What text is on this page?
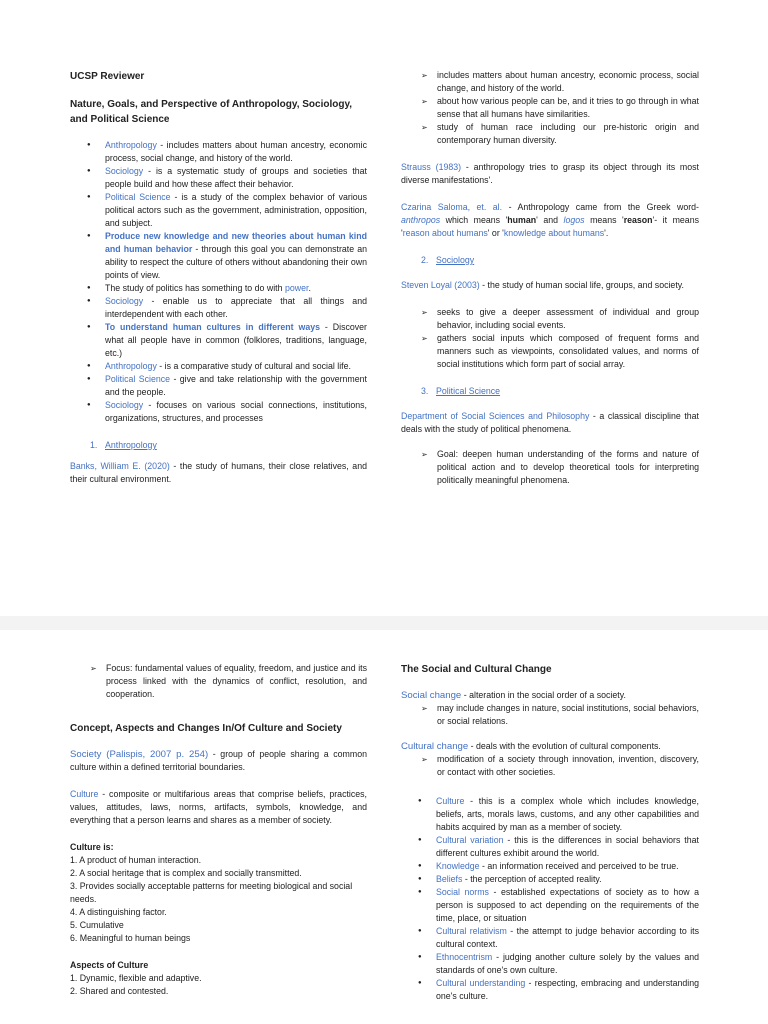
UCSP Reviewer
Nature, Goals, and Perspective of Anthropology, Sociology,
and Political Science
● Anthropology - includes matters about human ancestry, economic process, social change, and history of the world.
● Sociology - is a systematic study of groups and societies that people build and how these affect their behavior.
● Political Science - is a study of the complex behavior of various political actors such as the government, administration, opposition, and subject.
● Produce new knowledge and new theories about human kind and human behavior - through this goal you can demonstrate an ability to respect the culture of others without abandoning their own points of view.
● The study of politics has something to do with power.
● Sociology - enable us to appreciate that all things and interdependent with each other.
● To understand human cultures in different ways - Discover what all people have in common (folklores, traditions, language, etc.)
● Anthropology - is a comparative study of cultural and social life.
● Political Science - give and take relationship with the government and the people.
● Sociology - focuses on various social connections, institutions, organizations, structures, and processes
1. Anthropology
Banks, William E. (2020) - the study of humans, their close relatives, and their cultural environment.
➢ includes matters about human ancestry, economic process, social change, and history of the world.
➢ about how various people can be, and it tries to go through in what sense that all humans have similarities.
➢ study of human race including our pre-historic origin and contemporary human diversity.
Strauss (1983) - anthropology tries to grasp its object through its most diverse manifestations'.
Czarina Saloma, et. al. - Anthropology came from the Greek word- anthropos which means 'human' and logos means 'reason'- it means 'reason about humans' or 'knowledge about humans'.
2. Sociology
Steven Loyal (2003) - the study of human social life, groups, and society.
➢ seeks to give a deeper assessment of individual and group behavior, including social events.
➢ gathers social inputs which composed of frequent forms and manners such as viewpoints, consolidated values, and norms of social institutions which form part of social array.
3. Political Science
Department of Social Sciences and Philosophy - a classical discipline that deals with the study of political phenomena.
➢ Goal: deepen human understanding of the forms and nature of political action and to develop theoretical tools for interpreting politically meaningful phenomena.
➢ Focus: fundamental values of equality, freedom, and justice and its process linked with the dynamics of conflict, resolution, and cooperation.
Concept, Aspects and Changes In/Of Culture and Society
Society (Palispis, 2007 p. 254) - group of people sharing a common culture within a defined territorial boundaries.
Culture - composite or multifarious areas that comprise beliefs, practices, values, attitudes, laws, norms, artifacts, symbols, knowledge, and everything that a person learns and shares as a member of society.
Culture is:

1. A product of human interaction.

2. A social heritage that is complex and socially transmitted.

3. Provides socially acceptable patterns for meeting biological and social needs.

4. A distinguishing factor.

5. Cumulative

6. Meaningful to human beings

Aspects of Culture

1. Dynamic, flexible and adaptive.

2. Shared and contested.

The Social and Cultural Change
Social change - alteration in the social order of a society.
➢ may include changes in nature, social institutions, social behaviors, or social relations.
Cultural change - deals with the evolution of cultural components.
➢ modification of a society through innovation, invention, discovery, or contact with other societies.
● Culture - this is a complex whole which includes knowledge, beliefs, arts, morals laws, customs, and any other capabilities and habits acquired by man as a member of society.
● Cultural variation - this is the differences in social behaviors that different cultures exhibit around the world.
● Knowledge - an information received and perceived to be true.
● Beliefs - the perception of accepted reality.
● Social norms - established expectations of society as to how a person is supposed to act depending on the requirements of the time, place, or situation
● Cultural relativism - the attempt to judge behavior according to its cultural context.
● Ethnocentrism - judging another culture solely by the values and standards of one's own culture.
● Cultural understanding - respecting, embracing and understanding one's culture.
